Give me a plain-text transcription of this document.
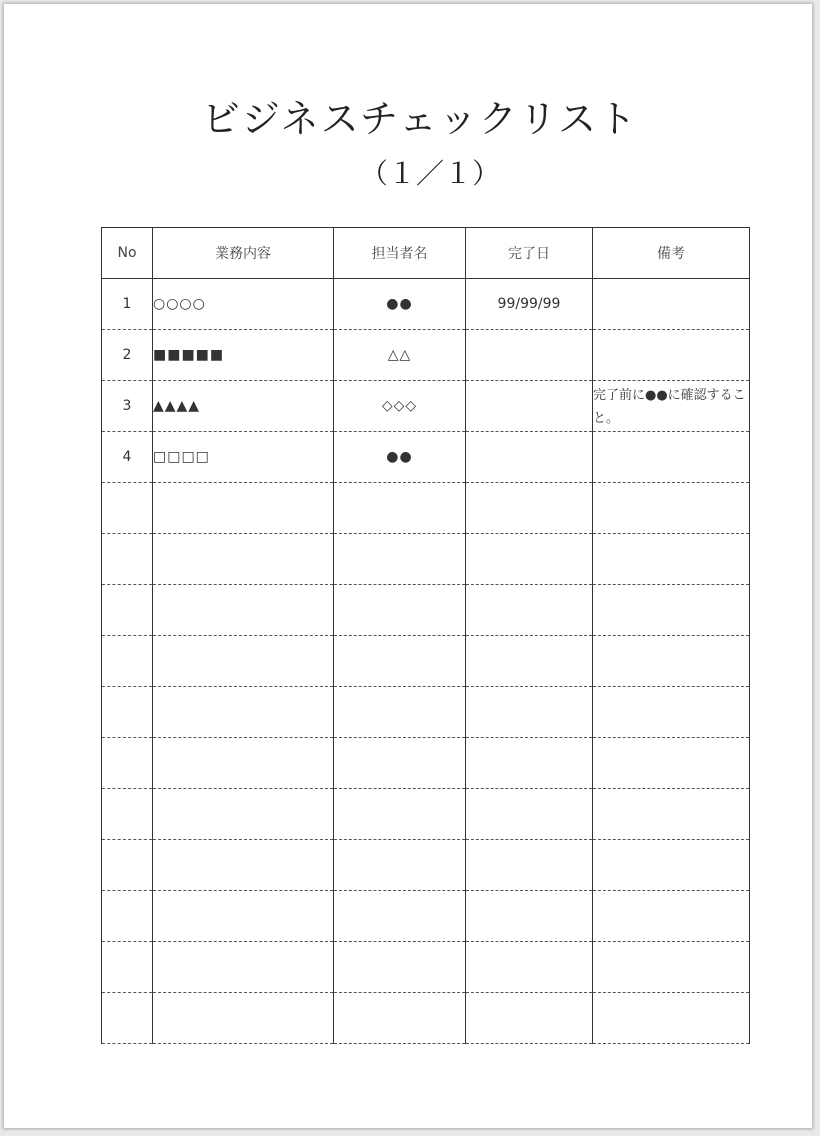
ビジネスチェックリスト
（１／１）
No	業務内容	担当者名	完了日	備考
1	○○○○	●●	99/99/99	

2	■■■■■	△△		

3	▲▲▲▲	◇◇◇		完了前に●●に確認すること。

4	□□□□	●●		
